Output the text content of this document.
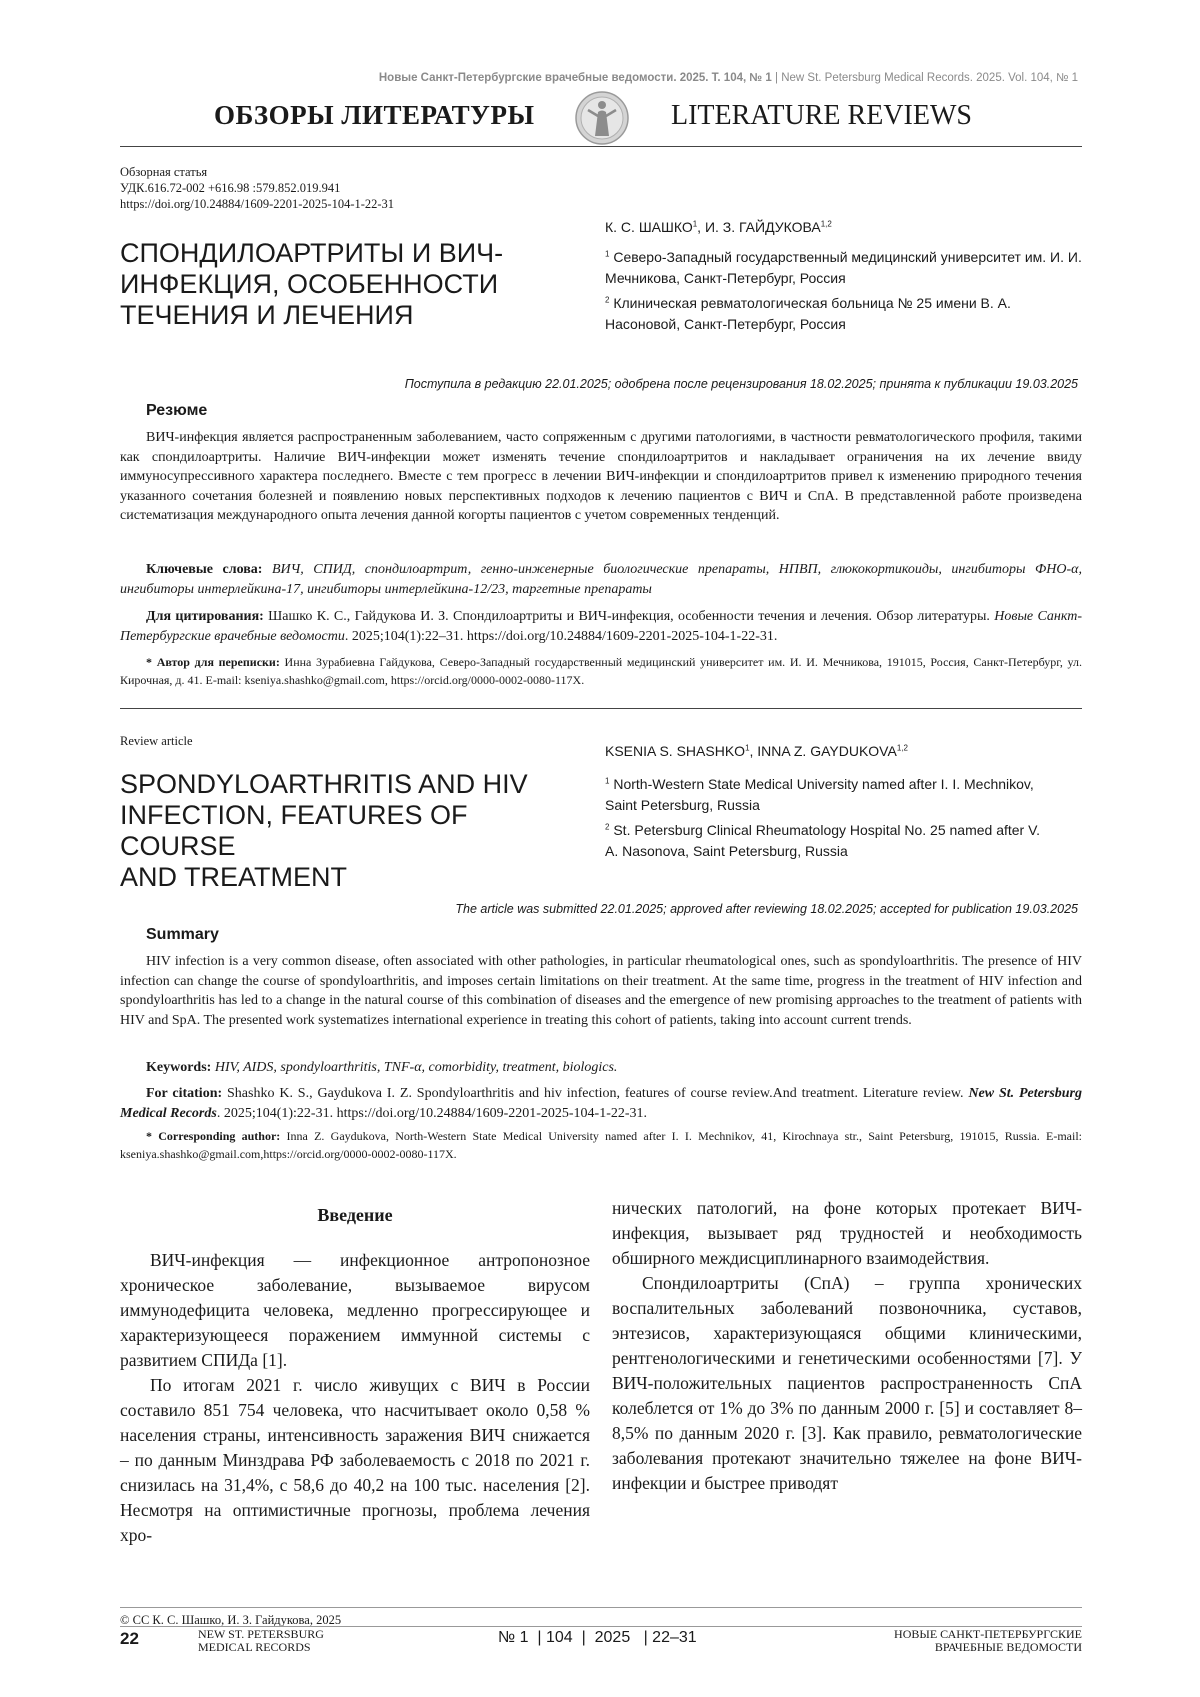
Новые Санкт-Петербургские врачебные ведомости. 2025. Т. 104, № 1 | New St. Petersburg Medical Records. 2025. Vol. 104, № 1
ОБЗОРЫ ЛИТЕРАТУРЫ	LITERATURE REVIEWS
Обзорная статья
УДК.616.72-002 +616.98 :579.852.019.941
https://doi.org/10.24884/1609-2201-2025-104-1-22-31
СПОНДИЛОАРТРИТЫ И ВИЧ-
ИНФЕКЦИЯ, ОСОБЕННОСТИ
ТЕЧЕНИЯ И ЛЕЧЕНИЯ
К. С. ШАШКО$^1$, И. З. ГАЙДУКОВА$^{1,2}$
$^1$ Северо-Западный государственный медицинский университет им. И. И. Мечникова, Санкт-Петербург, Россия
$^2$ Клиническая ревматологическая больница № 25 имени В. А. Насоновой, Санкт-Петербург, Россия
Поступила в редакцию 22.01.2025; одобрена после рецензирования 18.02.2025; принята к публикации 19.03.2025
Резюме
ВИЧ-инфекция является распространенным заболеванием, часто сопряженным с другими патологиями, в частности ревматологического профиля, такими как спондилоартриты. Наличие ВИЧ-инфекции может изменять течение спондилоартритов и накладывает ограничения на их лечение ввиду иммуносупрессивного характера последнего. Вместе с тем прогресс в лечении ВИЧ-инфекции и спондилоартритов привел к изменению природного течения указанного сочетания болезней и появлению новых перспективных подходов к лечению пациентов с ВИЧ и СпА. В представленной работе произведена систематизация международного опыта лечения данной когорты пациентов с учетом современных тенденций.
Ключевые слова: ВИЧ, СПИД, спондилоартрит, генно-инженерные биологические препараты, НПВП, глюкокортикоиды, ингибиторы ФНО-α, ингибиторы интерлейкина-17, ингибиторы интерлейкина-12/23, таргетные препараты
Для цитирования: Шашко К. С., Гайдукова И. З. Спондилоартриты и ВИЧ-инфекция, особенности течения и лечения. Обзор литературы. Новые Санкт-Петербургские врачебные ведомости. 2025;104(1):22–31. https://doi.org/10.24884/1609-2201-2025-104-1-22-31.
* Автор для переписки: Инна Зурабиевна Гайдукова, Северо-Западный государственный медицинский университет им. И. И. Мечникова, 191015, Россия, Санкт-Петербург, ул. Кирочная, д. 41. E-mail: kseniya.shashko@gmail.com, https://orcid.org/0000-0002-0080-117X.
Review article
SPONDYLOARTHRITIS AND HIV
INFECTION, FEATURES OF COURSE
AND TREATMENT
KSENIA S. SHASHKO$^1$, INNA Z. GAYDUKOVA$^{1,2}$
$^1$ North-Western State Medical University named after I. I. Mechnikov, Saint Petersburg, Russia
$^2$ St. Petersburg Clinical Rheumatology Hospital No. 25 named after V. A. Nasonova, Saint Petersburg, Russia
The article was submitted 22.01.2025; approved after reviewing 18.02.2025; accepted for publication 19.03.2025
Summary
HIV infection is a very common disease, often associated with other pathologies, in particular rheumatological ones, such as spondyloarthritis. The presence of HIV infection can change the course of spondyloarthritis, and imposes certain limitations on their treatment. At the same time, progress in the treatment of HIV infection and spondyloarthritis has led to a change in the natural course of this combination of diseases and the emergence of new promising approaches to the treatment of patients with HIV and SpA. The presented work systematizes international experience in treating this cohort of patients, taking into account current trends.
Keywords: HIV, AIDS, spondyloarthritis, TNF-α, comorbidity, treatment, biologics.
For citation: Shashko K. S., Gaydukova I. Z. Spondyloarthritis and hiv infection, features of course review.And treatment. Literature review. New St. Petersburg Medical Records. 2025;104(1):22-31. https://doi.org/10.24884/1609-2201-2025-104-1-22-31.
* Corresponding author: Inna Z. Gaydukova, North-Western State Medical University named after I. I. Mechnikov, 41, Kirochnaya str., Saint Petersburg, 191015, Russia. E-mail: kseniya.shashko@gmail.com,https://orcid.org/0000-0002-0080-117X.
Введение

ВИЧ-инфекция — инфекционное антропонозное хроническое заболевание, вызываемое вирусом иммунодефицита человека, медленно прогрессирующее и характеризующееся поражением иммунной системы с развитием СПИДа [1].

По итогам 2021 г. число живущих с ВИЧ в России составило 851 754 человека, что насчитывает около 0,58 % населения страны, интенсивность заражения ВИЧ снижается – по данным Минздрава РФ заболеваемость с 2018 по 2021 г. снизилась на 31,4%, с 58,6 до 40,2 на 100 тыс. населения [2]. Несмотря на оптимистичные прогнозы, проблема лечения хро-

нических патологий, на фоне которых протекает ВИЧ-инфекция, вызывает ряд трудностей и необходимость обширного междисциплинарного взаимодействия.

Спондилоартриты (СпА) – группа хронических воспалительных заболеваний позвоночника, суставов, энтезисов, характеризующаяся общими клиническими, рентгенологическими и генетическими особенностями [7]. У ВИЧ-положительных пациентов распространенность СпА колеблется от 1% до 3% по данным 2000 г. [5] и составляет 8–8,5% по данным 2020 г. [3]. Как правило, ревматологические заболевания протекают значительно тяжелее на фоне ВИЧ-инфекции и быстрее приводят

© СС К. С. Шашко, И. З. Гайдукова, 2025
22	NEW ST. PETERSBURG
MEDICAL RECORDS
№ 1  | 104  |  2025   | 22–31	НОВЫЕ САНКТ-ПЕТЕРБУРГСКИЕ
ВРАЧЕБНЫЕ ВЕДОМОСТИ
